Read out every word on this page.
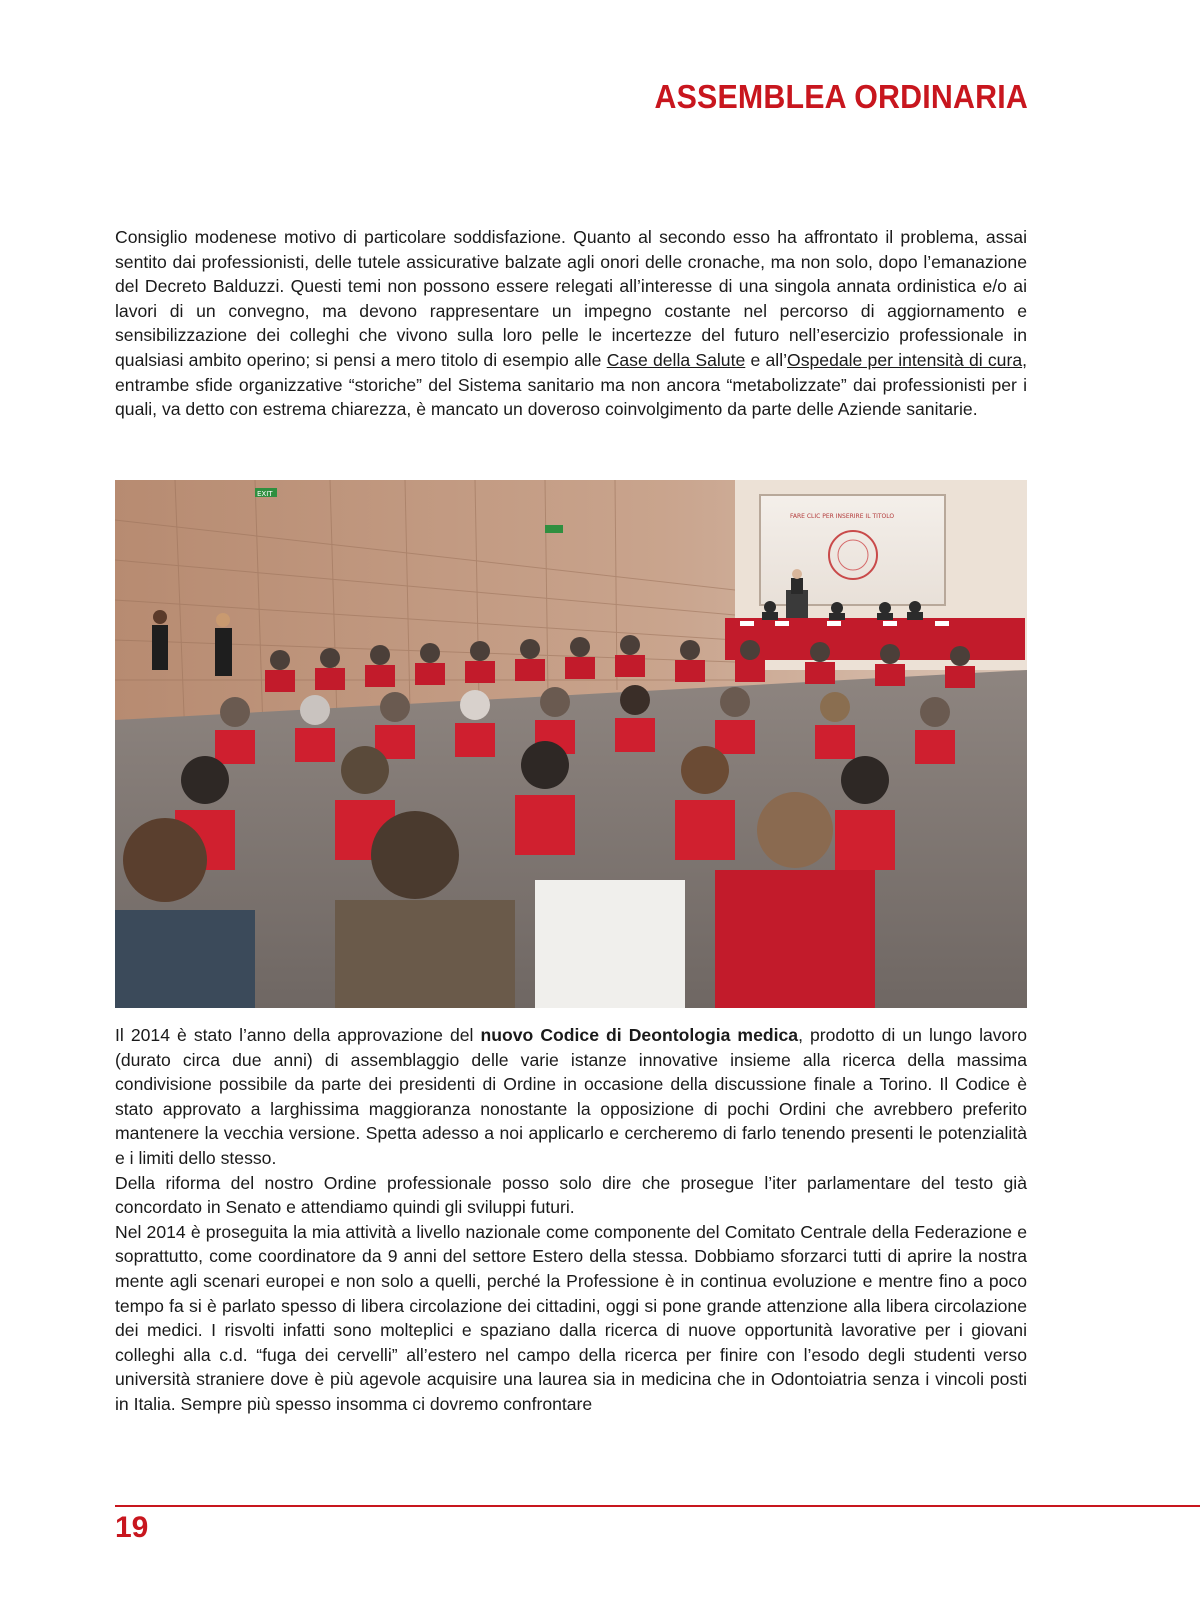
ASSEMBLEA ORDINARIA

Consiglio modenese motivo di particolare soddisfazione. Quanto al secondo esso ha affrontato il problema, assai sentito dai professionisti, delle tutele assicurative balzate agli onori delle cronache, ma non solo, dopo l’emanazione del Decreto Balduzzi. Questi temi non possono essere relegati all’interesse di una singola annata ordinistica e/o ai lavori di un convegno, ma devono rappresentare un impegno costante nel percorso di aggiornamento e sensibilizzazione dei colleghi che vivono sulla loro pelle le incertezze del futuro nell’esercizio professionale in qualsiasi ambito operino; si pensi a mero titolo di esempio alle Case della Salute e all’Ospedale per intensità di cura, entrambe sfide organizzative “storiche” del Sistema sanitario ma non ancora “metabolizzate” dai professionisti per i quali, va detto con estrema chiarezza, è mancato un doveroso coinvolgimento da parte delle Aziende sanitarie.

EXIT
FARE CLIC PER INSERIRE IL TITOLO

Il 2014 è stato l’anno della approvazione del nuovo Codice di Deontologia medica, prodotto di un lungo lavoro (durato circa due anni) di assemblaggio delle varie istanze innovative insieme alla ricerca della massima condivisione possibile da parte dei presidenti di Ordine in occasione della discussione finale a Torino. Il Codice è stato approvato a larghissima maggioranza nonostante la opposizione di pochi Ordini che avrebbero preferito mantenere la vecchia versione. Spetta adesso a noi applicarlo e cercheremo di farlo tenendo presenti le potenzialità e i limiti dello stesso.

Della riforma del nostro Ordine professionale posso solo dire che prosegue l’iter parlamentare del testo già concordato in Senato e attendiamo quindi gli sviluppi futuri.

Nel 2014 è proseguita la mia attività a livello nazionale come componente del Comitato Centrale della Federazione e soprattutto, come coordinatore da 9 anni del settore Estero della stessa. Dobbiamo sforzarci tutti di aprire la nostra mente agli scenari europei e non solo a quelli, perché la Professione è in continua evoluzione e mentre fino a poco tempo fa si è parlato spesso di libera circolazione dei cittadini, oggi si pone grande attenzione alla libera circolazione dei medici. I risvolti infatti sono molteplici e spaziano dalla ricerca di nuove opportunità lavorative per i giovani colleghi alla c.d. “fuga dei cervelli” all’estero nel campo della ricerca per finire con l’esodo degli studenti verso università straniere dove è più agevole acquisire una laurea sia in medicina che in Odontoiatria senza i vincoli posti in Italia. Sempre più spesso insomma ci dovremo confrontare

19
